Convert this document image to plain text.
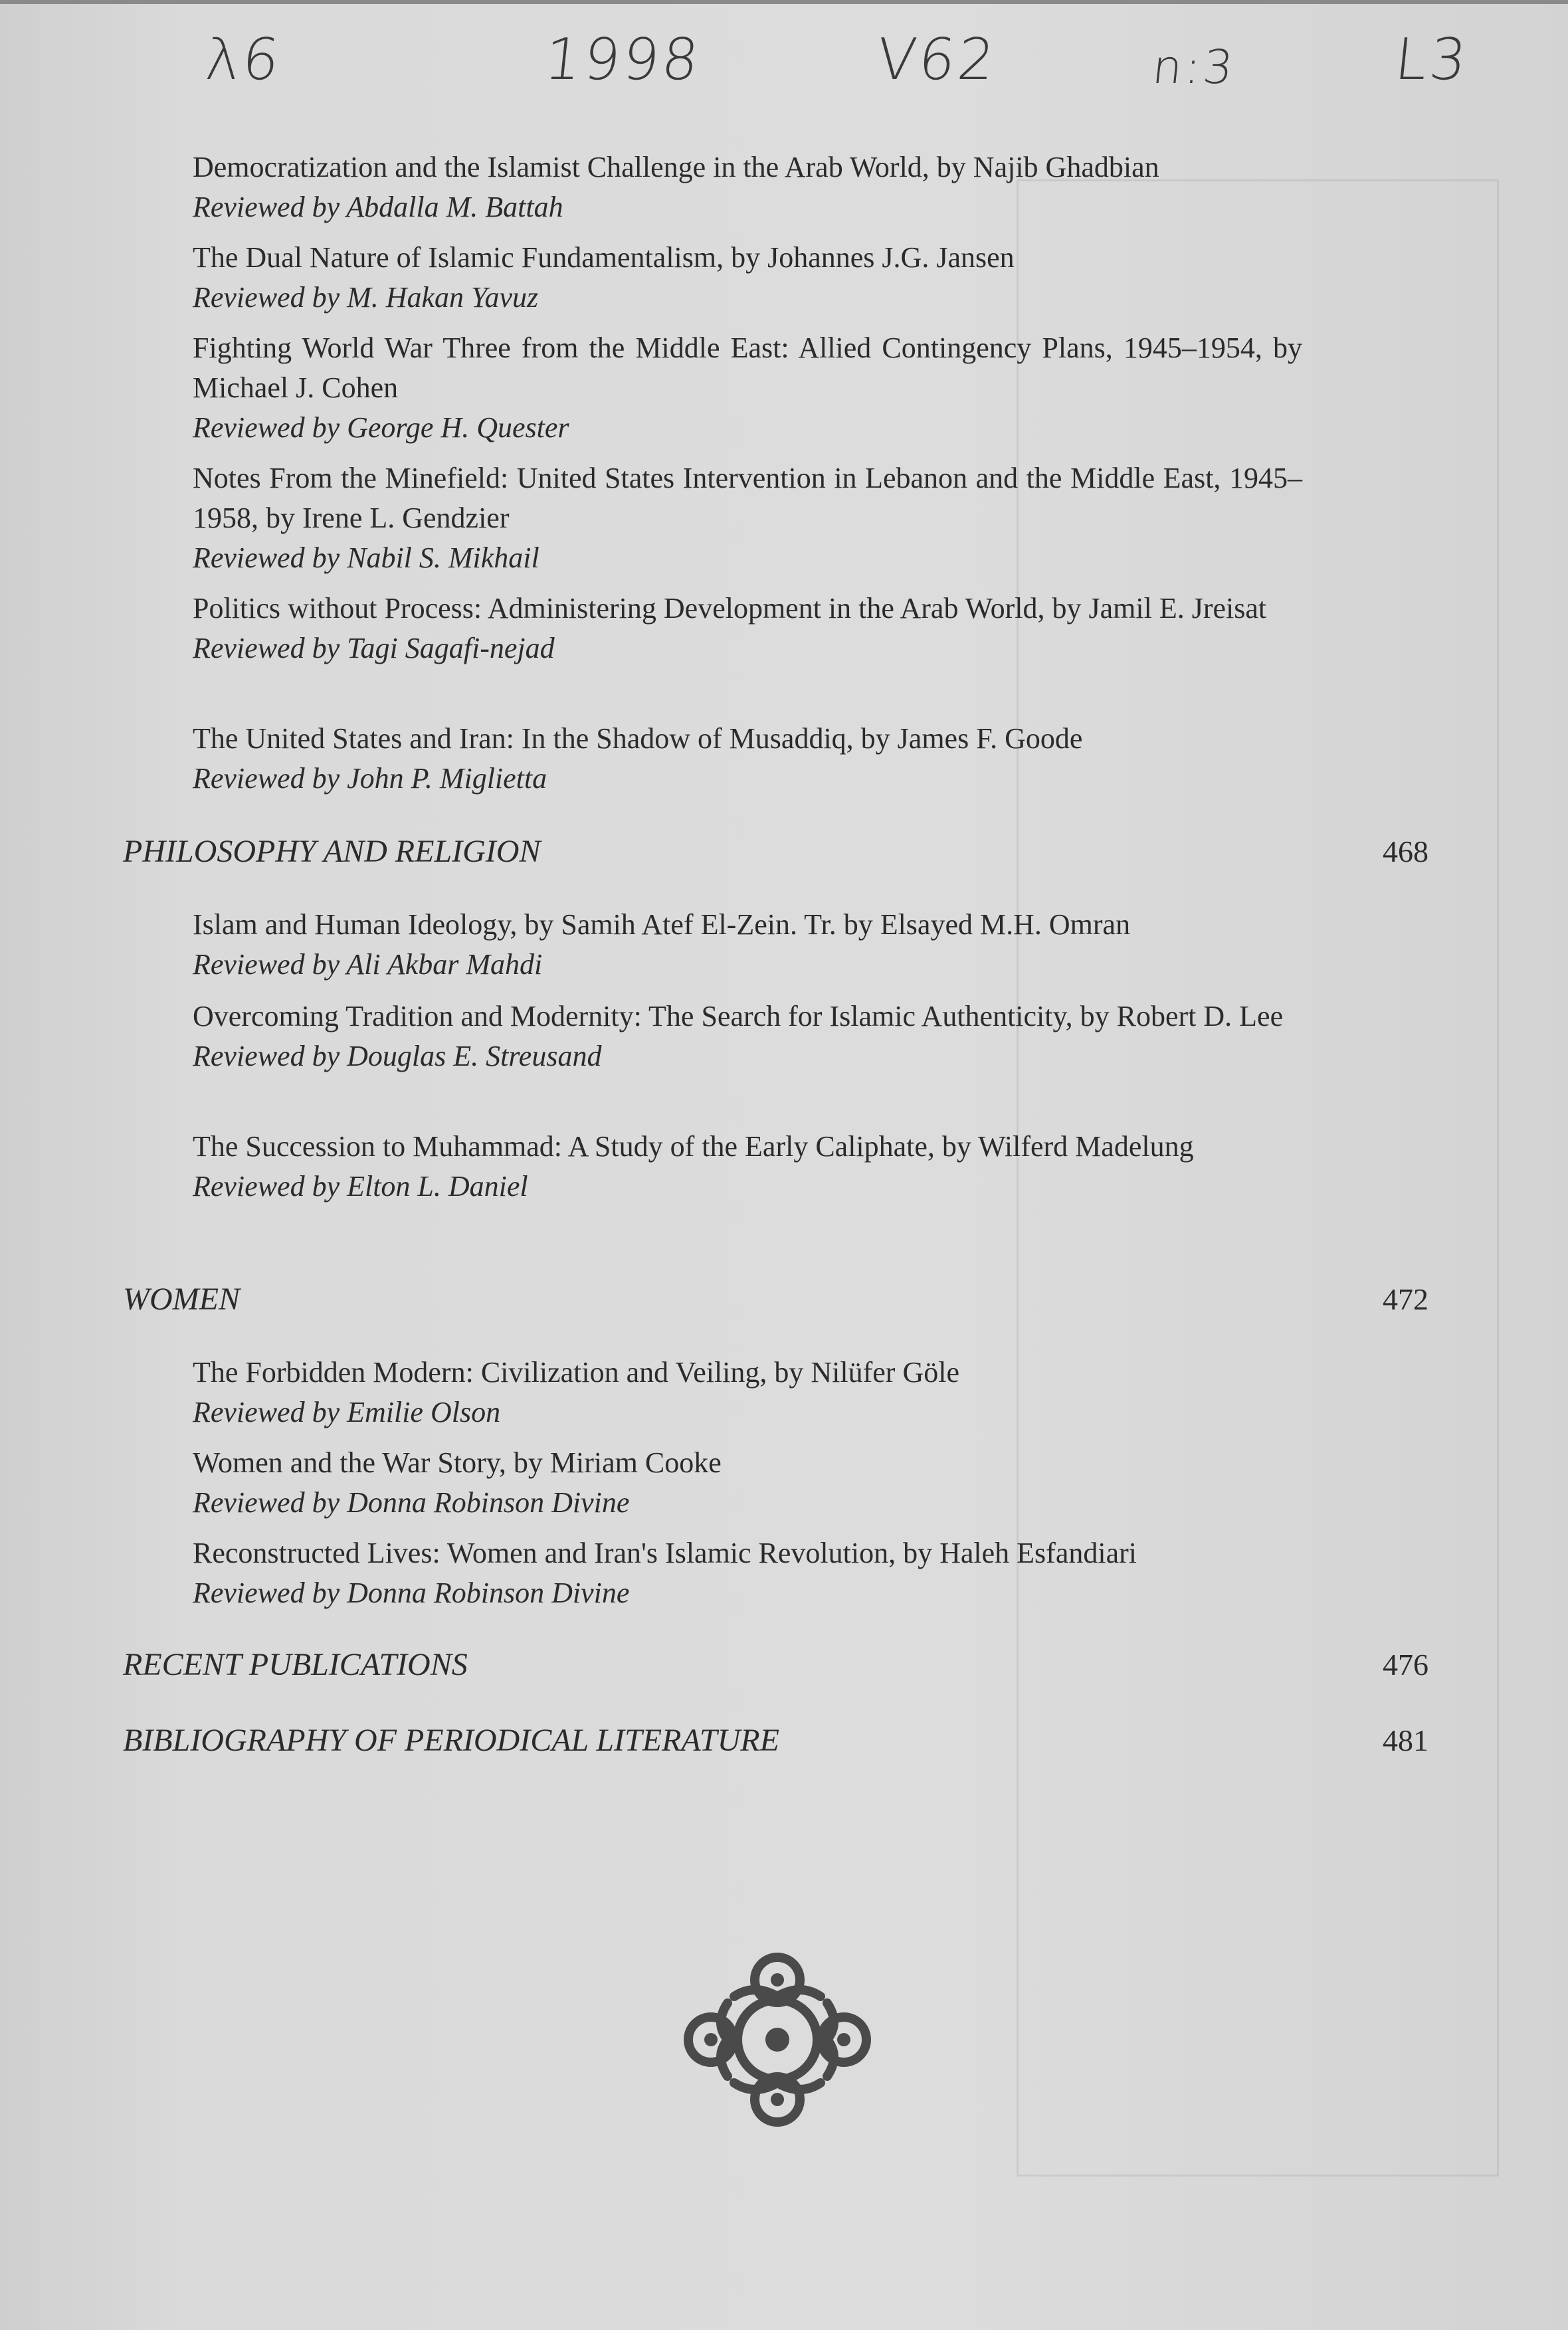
λ6	1998	V62	n:3	L3
Democratization and the Islamist Challenge in the Arab World, by Najib Ghadbian
Reviewed by Abdalla M. Battah
The Dual Nature of Islamic Fundamentalism, by Johannes J.G. Jansen
Reviewed by M. Hakan Yavuz
Fighting World War Three from the Middle East: Allied Contingency Plans, 1945–1954, by Michael J. Cohen
Reviewed by George H. Quester
Notes From the Minefield: United States Intervention in Lebanon and the Middle East, 1945–1958, by Irene L. Gendzier
Reviewed by Nabil S. Mikhail
Politics without Process: Administering Development in the Arab World, by Jamil E. Jreisat
Reviewed by Tagi Sagafi-nejad
The United States and Iran: In the Shadow of Musaddiq, by James F. Goode
Reviewed by John P. Miglietta
PHILOSOPHY AND RELIGION	468
Islam and Human Ideology, by Samih Atef El-Zein. Tr. by Elsayed M.H. Omran
Reviewed by Ali Akbar Mahdi
Overcoming Tradition and Modernity: The Search for Islamic Authenticity, by Robert D. Lee
Reviewed by Douglas E. Streusand
The Succession to Muhammad: A Study of the Early Caliphate, by Wilferd Madelung
Reviewed by Elton L. Daniel
WOMEN	472
The Forbidden Modern: Civilization and Veiling, by Nilüfer Göle
Reviewed by Emilie Olson
Women and the War Story, by Miriam Cooke
Reviewed by Donna Robinson Divine
Reconstructed Lives: Women and Iran's Islamic Revolution, by Haleh Esfandiari
Reviewed by Donna Robinson Divine
RECENT PUBLICATIONS	476
BIBLIOGRAPHY OF PERIODICAL LITERATURE	481
